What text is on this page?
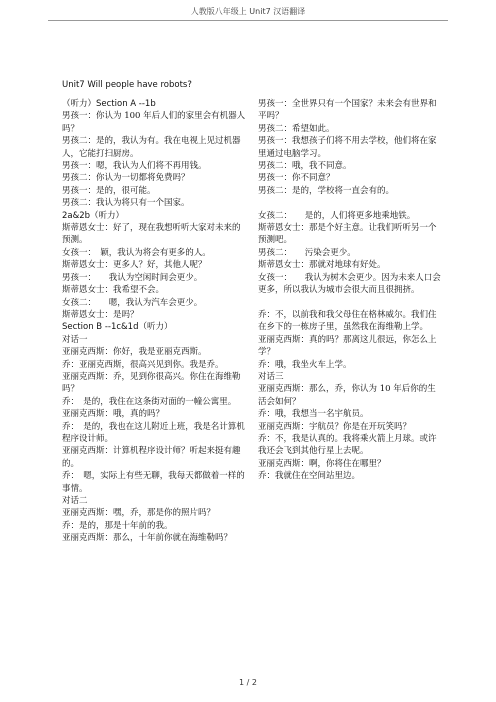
人教版八年级上 Unit7 汉语翻译
Unit7 Will people have robots?
（听力）Section A --1b
男孩一：你认为 100 年后人们的家里会有机器人吗？
男孩二：是的，我认为有。我在电视上见过机器人，它能打扫厨房。
男孩一：嗯，我认为人们将不再用钱。
男孩二：你认为一切都将免费吗？
男孩一：是的，很可能。
男孩二：我认为将只有一个国家。
2a&2b（听力）
斯蒂恩女士：好了，现在我想听听大家对未来的预测。
女孩一：　颖，我认为将会有更多的人。
斯蒂恩女士：更多人？好，其他人呢？
男孩一：　　我认为空闲时间会更少。
斯蒂恩女士：我希望不会。
女孩二：　　嗯，我认为汽车会更少。
斯蒂恩女士：是吗？
Section B --1c&1d（听力）
对话一
亚丽克西斯：你好，我是亚丽克西斯。
乔：亚丽克西斯，很高兴见到你。我是乔。
亚丽克西斯：乔，见到你很高兴。你住在海维勒吗？
乔：　是的，我住在这条街对面的一幢公寓里。
亚丽克西斯：哦，真的吗？
乔：　是的，我也在这儿附近上班，我是名计算机程序设计师。
亚丽克西斯：计算机程序设计师？听起来挺有趣的。
乔：　嗯，实际上有些无聊，我每天都做着一样的事情。
对话二
亚丽克西斯：嘿，乔，那是你的照片吗？
乔：是的，那是十年前的我。
亚丽克西斯：那么，十年前你就在海维勒吗？
男孩一：全世界只有一个国家？未来会有世界和平吗？
男孩二：希望如此。
男孩一：我想孩子们将不用去学校，他们将在家里通过电脑学习。
男孩二：哦，我不同意。
男孩一：你不同意？
男孩二：是的，学校将一直会有的。

女孩二：　　是的，人们将更多地乘地铁。
斯蒂恩女士：那是个好主意。让我们听听另一个预测吧。
男孩二：　　污染会更少。
斯蒂恩女士：那就对地球有好处。
女孩一：　　我认为树木会更少。因为未来人口会更多，所以我认为城市会很大而且很拥挤。

乔：不，以前我和我父母住在格林威尔。我们住在乡下的一栋房子里，虽然我在海维勒上学。
亚丽克西斯：真的吗？那离这儿很远，你怎么上学？
乔：哦，我坐火车上学。
对话三
亚丽克西斯：那么，乔，你认为 10 年后你的生活会如何？
乔：哦，我想当一名宇航员。
亚丽克西斯：宇航员？你是在开玩笑吗？
乔：不，我是认真的。我将乘火箭上月球。或许我还会飞到其他行星上去呢。
亚丽克西斯：啊，你将住在哪里？
乔：我就住在空间站里边。
1 / 2
